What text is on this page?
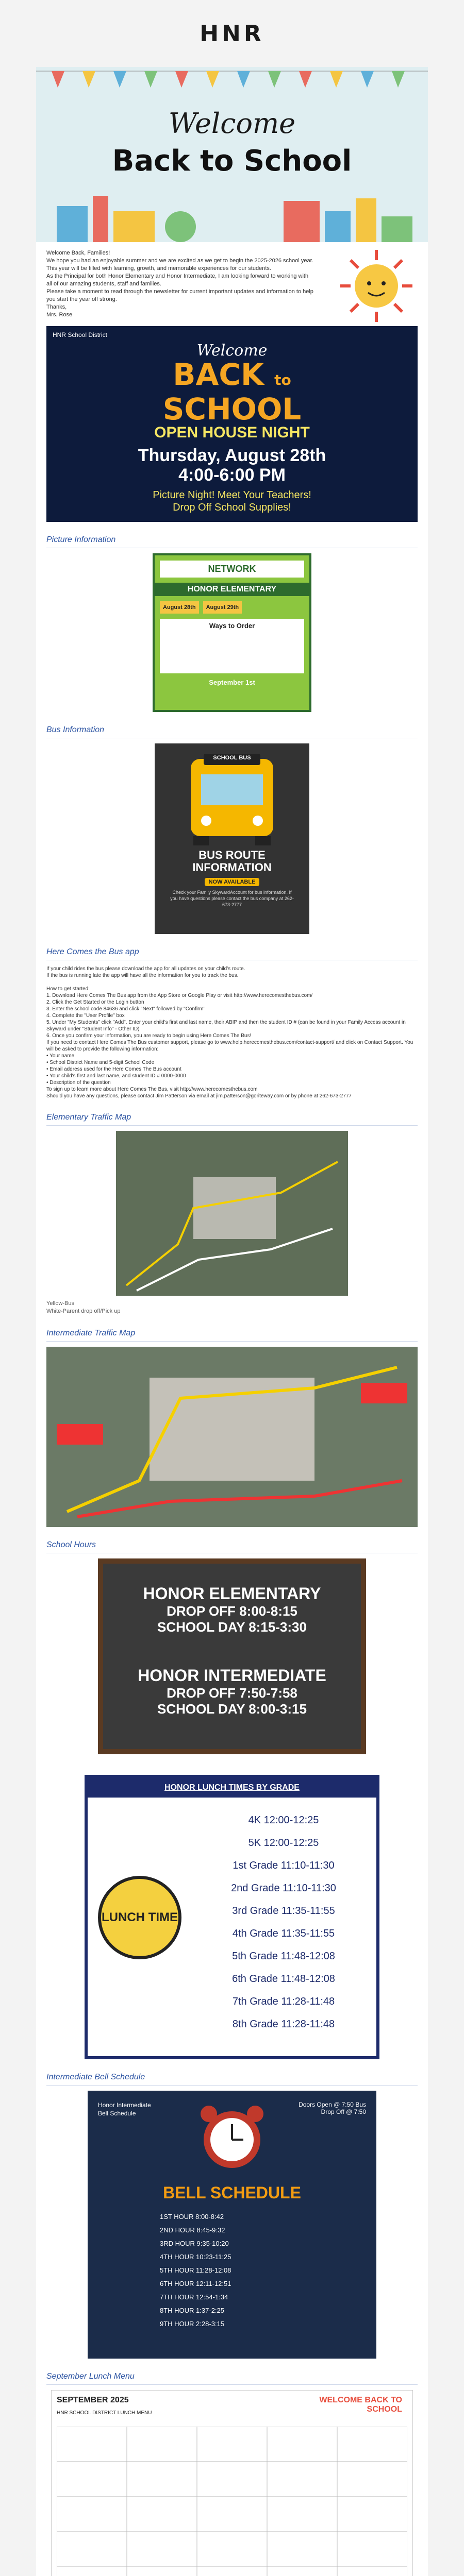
HNR
Welcome
Back to School
Welcome Back, Families!
We hope you had an enjoyable summer and we are excited as we get to begin the 2025-2026 school year. This year will be filled with learning, growth, and memorable experiences for our students.
As the Principal for both Honor Elementary and Honor Intermediate, I am looking forward to working with all of our amazing students, staff and families.
Please take a moment to read through the newsletter for current important updates and information to help you start the year off strong.
Thanks,
Mrs. Rose
HNR School District
Welcome
BACK to
SCHOOL
OPEN HOUSE NIGHT
Thursday, August 28th
4:00-6:00 PM
Picture Night! Meet Your Teachers!
Drop Off School Supplies!
Picture Information
NETWORK
HONOR ELEMENTARY
August 28th	August 29th
Ways to Order
September 1st
Bus Information
SCHOOL BUS
BUS ROUTE INFORMATION
NOW AVAILABLE
Check your Family SkywardAccount for bus information. If you have questions please contact the bus company at 262-673-2777
Here Comes the Bus app
If your child rides the bus please download the app for all updates on your child's route.
If the bus is running late the app will have all the information for you to track the bus.

How to get started:
1. Download Here Comes The Bus app from the App Store or Google Play or visit http://www.herecomesthebus.com/
2. Click the Get Started or the Login button
3. Enter the school code 84636 and click "Next" followed by "Confirm"
4. Complete the "User Profile" box
5. Under "My Students" click "Add". Enter your child's first and last name, their ABIP and then the student ID # (can be found in your Family Access account in Skyward under "Student Info" - Other ID)
6. Once you confirm your information, you are ready to begin using Here Comes The Bus!
If you need to contact Here Comes The Bus customer support, please go to www.help.herecomesthebus.com/contact-support/ and click on Contact Support. You will be asked to provide the following information:
• Your name
• School District Name and 5-digit School Code
• Email address used for the Here Comes The Bus account
• Your child's first and last name, and student ID # 0000-0000
• Description of the question
To sign up to learn more about Here Comes The Bus, visit http://www.herecomesthebus.com
Should you have any questions, please contact Jim Patterson via email at jim.patterson@goriteway.com or by phone at 262-673-2777
Elementary Traffic Map
Yellow-Bus
White-Parent drop off/Pick up
Intermediate Traffic Map
School Hours
HONOR ELEMENTARY
DROP OFF 8:00-8:15
SCHOOL DAY 8:15-3:30
HONOR INTERMEDIATE
DROP OFF 7:50-7:58
SCHOOL DAY 8:00-3:15
HONOR LUNCH TIMES BY GRADE
LUNCH TIME
4K 12:00-12:25
5K 12:00-12:25
1st Grade 11:10-11:30
2nd Grade 11:10-11:30
3rd Grade 11:35-11:55
4th Grade 11:35-11:55
5th Grade 11:48-12:08
6th Grade 11:48-12:08
7th Grade 11:28-11:48
8th Grade 11:28-11:48
Intermediate Bell Schedule
Honor Intermediate
Bell Schedule
Doors Open @ 7:50 Bus Drop Off @ 7:50
BELL SCHEDULE
1ST HOUR 8:00-8:42
2ND HOUR 8:45-9:32
3RD HOUR 9:35-10:20
4TH HOUR 10:23-11:25
5TH HOUR 11:28-12:08
6TH HOUR 12:11-12:51
7TH HOUR 12:54-1:34
8TH HOUR 1:37-2:25
9TH HOUR 2:28-3:15
September Lunch Menu
SEPTEMBER 2025
HNR SCHOOL DISTRICT LUNCH MENU
WELCOME BACK TO SCHOOL
